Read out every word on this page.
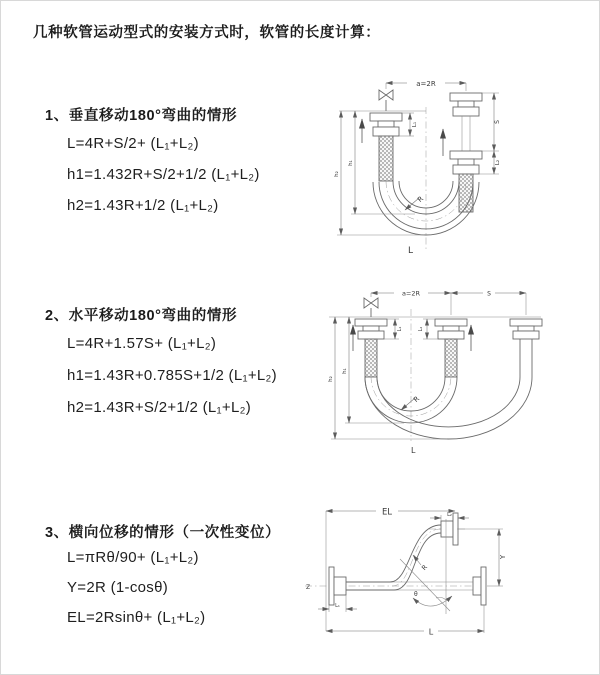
几种软管运动型式的安装方式时，软管的长度计算：
1、垂直移动180°弯曲的情形
L=4R+S/2+ (L₁+L₂)
h1=1.432R+S/2+1/2 (L₁+L₂)
h2=1.43R+1/2 (L₁+L₂)
2、水平移动180°弯曲的情形
L=4R+1.57S+ (L₁+L₂)
h1=1.43R+0.785S+1/2 (L₁+L₂)
h2=1.43R+S/2+1/2 (L₁+L₂)
3、横向位移的情形（一次性变位）
L=πRθ/90+ (L₁+L₂)
Y=2R (1-cosθ)
EL=2Rsinθ+ (L₁+L₂)
a=2R
L₁	S
L₂
R
h₁
h₂
L
a=2R	S
L₁	L₂
R
h₁
h₂
L
Z
EL	L₂
L₁
Y
L
θ
R
